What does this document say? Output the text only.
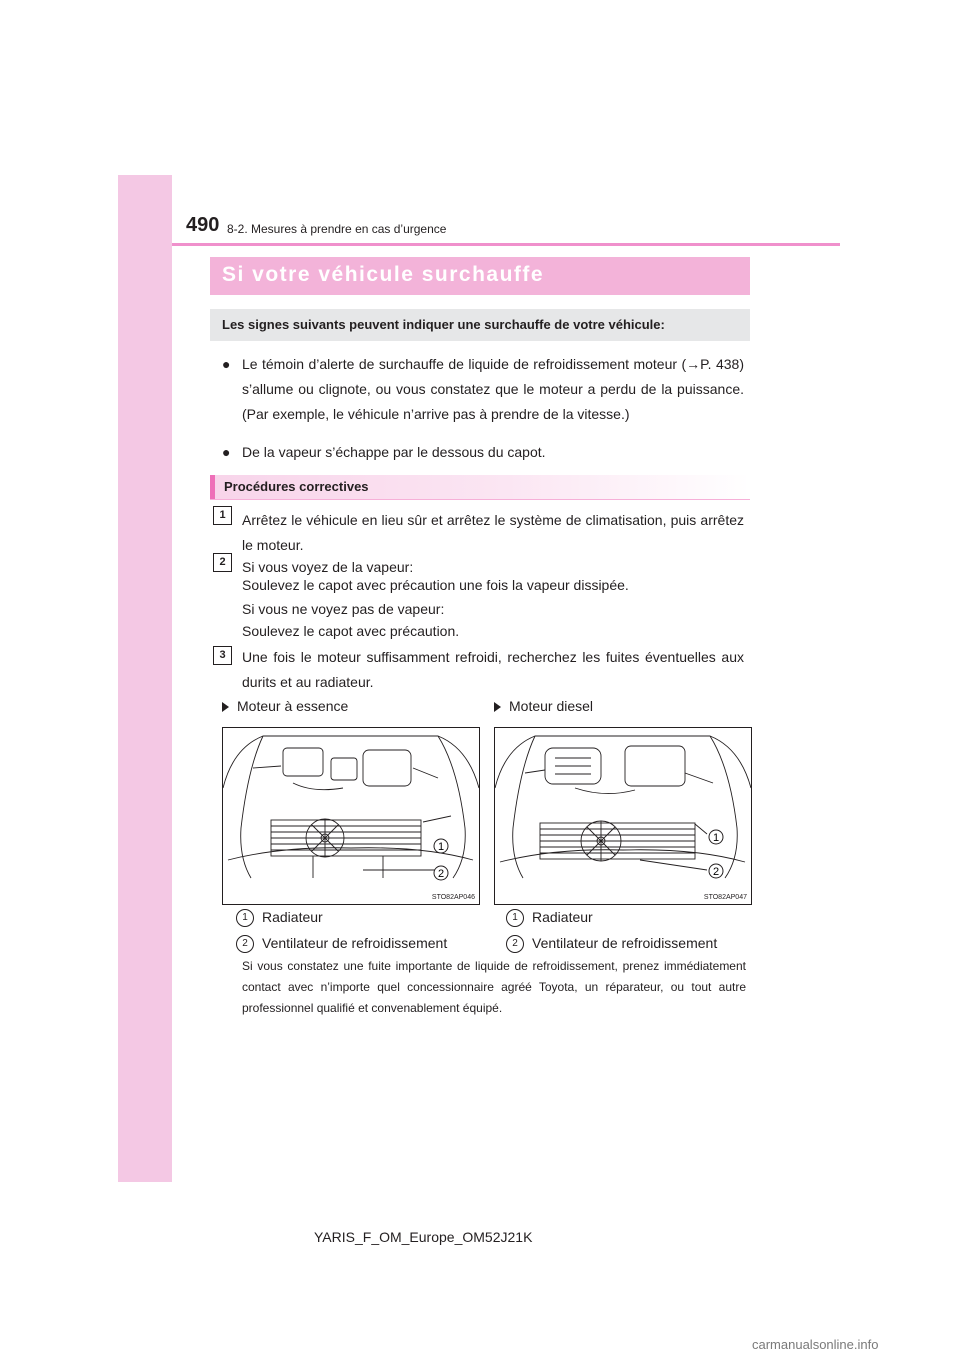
490 8-2. Mesures à prendre en cas d’urgence
Si votre véhicule surchauffe
Les signes suivants peuvent indiquer une surchauffe de votre véhicule:
● Le témoin d’alerte de surchauffe de liquide de refroidissement moteur (→P. 438) s’allume ou clignote, ou vous constatez que le moteur a perdu de la puissance. (Par exemple, le véhicule n’arrive pas à prendre de la vitesse.)
● De la vapeur s’échappe par le dessous du capot.
Procédures correctives
1	Arrêtez le véhicule en lieu sûr et arrêtez le système de climatisation, puis arrêtez le moteur.
2	Si vous voyez de la vapeur:
Soulevez le capot avec précaution une fois la vapeur dissipée.
Si vous ne voyez pas de vapeur:
Soulevez le capot avec précaution.
3	Une fois le moteur suffisamment refroidi, recherchez les fuites éventuelles aux durits et au radiateur.
Moteur à essence	Moteur diesel
1
2
STO82AP046
1
2
STO82AP047
1 Radiateur
2 Ventilateur de refroidissement
1 Radiateur
2 Ventilateur de refroidissement
Si vous constatez une fuite importante de liquide de refroidissement, prenez immédiatement contact avec n’importe quel concessionnaire agréé Toyota, un réparateur, ou tout autre professionnel qualifié et convenablement équipé.
YARIS_F_OM_Europe_OM52J21K
carmanualsonline.info
